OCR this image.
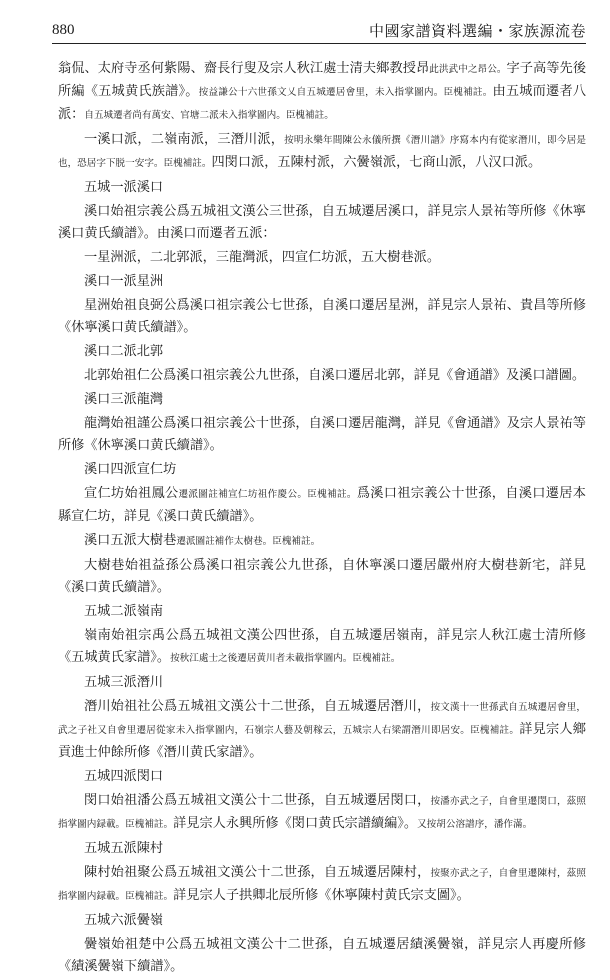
880	中國家譜資料選編・家族源流卷

翁侃、太府寺丞何紫陽、齋長行叟及宗人秋江處士清夫鄉教授昂此洪武中之昂公。字子高等先後所編《五城黄氏族譜》。按益謙公十六世孫文乂自五城遷居會里，未入指掌圖内。臣槐補註。由五城而遷者八派：自五城遷者尚有萬安、官塘二派未入指掌圖内。臣槐補註。

一溪口派，二嶺南派，三潛川派，按明永樂年間陳公永儀所撰《潛川譜》序寫本内有從家潛川，即今居是也，恐居字下脱一安字。臣槐補註。四閔口派，五陳村派，六黌嶺派，七商山派，八汉口派。

五城一派溪口

溪口始祖宗義公爲五城祖文漢公三世孫，自五城遷居溪口，詳見宗人景祐等所修《休寧溪口黄氏續譜》。由溪口而遷者五派：

一星洲派，二北郭派，三龍灣派，四宣仁坊派，五大樹巷派。

溪口一派星洲

星洲始祖良弼公爲溪口祖宗義公七世孫，自溪口遷居星洲，詳見宗人景祐、貴昌等所修《休寧溪口黄氏續譜》。

溪口二派北郭

北郭始祖仁公爲溪口祖宗義公九世孫，自溪口遷居北郭，詳見《會通譜》及溪口譜圖。

溪口三派龍灣

龍灣始祖謹公爲溪口祖宗義公十世孫，自溪口遷居龍灣，詳見《會通譜》及宗人景祐等所修《休寧溪口黄氏續譜》。

溪口四派宣仁坊

宣仁坊始祖鳳公遷派圖註補宣仁坊祖作慶公。臣槐補註。爲溪口祖宗義公十世孫，自溪口遷居本縣宣仁坊，詳見《溪口黄氏續譜》。

溪口五派大樹巷遷派圖註補作太樹巷。臣槐補註。

大樹巷始祖益孫公爲溪口祖宗義公九世孫，自休寧溪口遷居嚴州府大樹巷新宅，詳見《溪口黄氏續譜》。

五城二派嶺南

嶺南始祖宗禹公爲五城祖文漢公四世孫，自五城遷居嶺南，詳見宗人秋江處士清所修《五城黄氏家譜》。按秋江處士之後遷居黄川者未載指掌圖内。臣槐補註。

五城三派潛川

潛川始祖社公爲五城祖文漢公十二世孫，自五城遷居潛川，按文漢十一世孫武自五城遷居會里，武之子社又自會里遷居從家未入指掌圖内，石嶺宗人藝及朝稼云，五城宗人右梁謂潛川即居安。臣槐補註。詳見宗人鄉貢進士仲餘所修《潛川黄氏家譜》。

五城四派閔口

閔口始祖潘公爲五城祖文漢公十二世孫，自五城遷居閔口，按潘亦武之子，自會里遷閔口，茲照指掌圖内録載。臣槐補註。詳見宗人永興所修《閔口黄氏宗譜續編》。又按胡公溶譜序，潘作滿。

五城五派陳村

陳村始祖聚公爲五城祖文漢公十二世孫，自五城遷居陳村，按聚亦武之子，自會里遷陳村，茲照指掌圖内録載。臣槐補註。詳見宗人子拱卿北辰所修《休寧陳村黄氏宗支圖》。

五城六派黌嶺

黌嶺始祖楚中公爲五城祖文漢公十二世孫，自五城遷居績溪黌嶺，詳見宗人再慶所修《績溪黌嶺下續譜》。
